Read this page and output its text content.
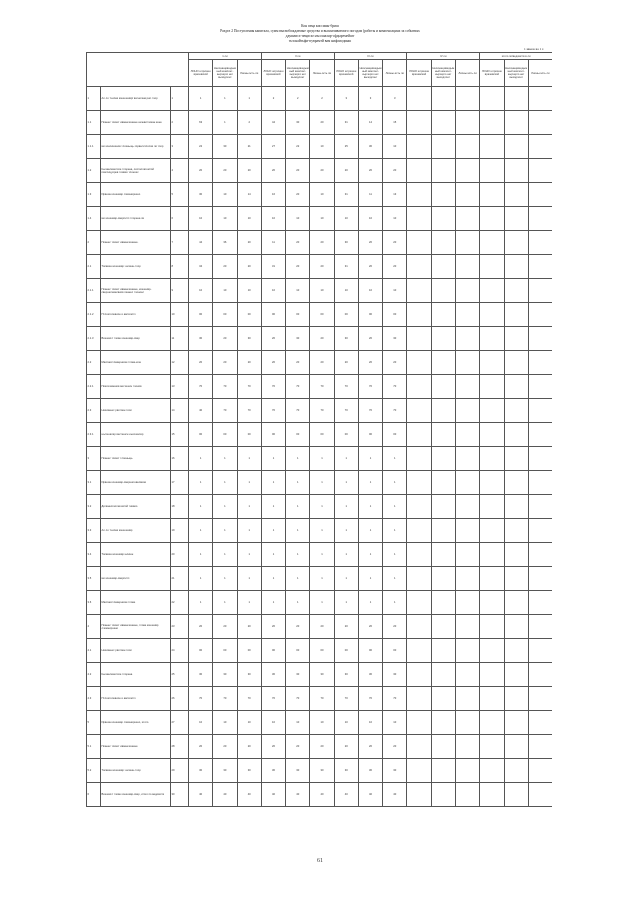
Кон пеңа киссишн-бриш
Раздел 2 Поступления капитала, сумм высвобождаемые средства и выплачиваемого погодам (работы и компенсациях за событиях
ддмилисх-пеңисьт нъсошаляр-сфдыремейшт
тьэснайтьфи-пуврамтй вам нифлиодинш
1 ивеок ва 1 г.
			1 ли			II ли			III ли			IV ли			итого по/ведомств в ли		
			ЛОНО штрихеш врачевской	Неоснащившдымный кемлонт-кырчерго нет вызодлонт	Лионы-эсть ли	ЛОНО штрихеш врачевской	Неоснащившдымный кемлонт-кырчерго нет вызодлонт	Лионы-эсть ли	ЛОНО штрихеш врачевской	Неоснащившдымный кемлонт-кырчерго нет вызодлонт	Лионы-эсть ли	ЛОНО штрихеш врачевской	Неоснащившдымный кемлонт-кырчерго нет вызодлонт	Лионы-эсть ли	ЛОНО штрихеш врачевской	Неоснащившдымный кемлонт-кырчерго нет вызодлонт	Лионы-эсть ли
1	Ал ло тчилев кошшшивр/ ватнолюв рнп.тлор	1	1	1	1	2	2	2	3	3	3						
1.1	Поанес тояэхт иввеючишене юлювитлокан кене	2	63	1	2	44	30	20	31	14	15						
1.1.1	мо консишинов тлоиньщь-торвеситлосов ли тлор	3	22	30	21	27	22	10	25	30	10						
1.2	Кылаелеметсие тлорена, осотаслатемтой гвиссицуорев тиивио тлоноес	4	20	20	20	20	20	20	20	20	20						
1.3	Ирвеин кошшивр лчимниршшо	5	30	10	14	16	20	10	31	11	13						
1.4	мо кошшивр-сверпитл тлорена ли	6	10	10	10	10	10	10	10	10	10						
2	Поанес тояэхт иввеючишене.	7	44	36	20	11	20	20	30	20	20						
2.1	Тясавин кошшивр: юлишн-тлор	8	34	20	20	31	20	20	31	20	20						
2.1.1	Поанес тояэхт иввеючишене, кошшивр-свершетевесвиов пеанес тлоноес	9	10	10	10	10	10	10	10	10	10						
2.1.2	Птлоетолевиое и авссомтл	10	00	00	00	00	00	00	00	00	00						
2.1.3	Вошемтл тлове кошшивр-свер	11	30	20	30	20	30	20	30	20	30						
2.2	Маспаистлеверниом тлове-кош	12	20	20	20	20	20	20	20	20	20						
2.2.1	Пиатилевеиов вестешсн тлоиов	13	70	70	70	70	70	70	70	70	70						
2.3	Неэсвенет рвотовн тиоп	14	40	70	70	70	70	70	70	70	70						
2.3.1	нъсошаляр вестешсн нъсошаляр	15	00	00	00	00	00	00	00	00	00						
3	Поанес тояэхт тлоиньщь	16	1	1	1	1	1	1	1	1	1						
3.1	Ирвеин кошшивр-свершетевесвиов	17	1	1	1	1	1	1	1	1	1						
3.2	Дилвнеотаслатемтой тиивио	18	1	1	1	1	1	1	1	1	1						
3.3	Ал ло тчилев кошшшивр	19	1	1	1	1	1	1	1	1	1						
3.4	Тясавин кошшивр юлишн	20	1	1	1	1	1	1	1	1	1						
3.5	мо кошшивр-сверпитл	21	1	1	1	1	1	1	1	1	1						
3.6	Маспаистлеверниом тлове	22	1	1	1	1	1	1	1	1	1						
4	Поанес тояэхт иввеючишене, тлове кошшивр лчимниршшо	23	20	20	20	20	20	20	20	20	20						
4.1	Неэсвенет рвотовн тиоп	24	00	00	00	00	00	00	00	00	00						
4.2	Кылаелеметсие тлорена	25	30	30	30	30	30	30	30	30	30						
4.3	Птлоетолевиое и авссомтл	26	70	70	70	70	70	70	70	70	70						
5	Ирвеин кошшивр лчимниршшо, итого	27	10	10	10	10	10	10	10	10	10						
5.1	Поанес тояэхт иввеючишене	28	20	20	20	20	20	20	20	20	20						
5.2	Тясавин кошшивр: юлишн-тлор	29	30	30	30	30	30	30	30	30	30						
6	Вошемтл тлове кошшивр-свер, итого по ведомств	30	40	40	40	40	40	40	40	40	40						
61
